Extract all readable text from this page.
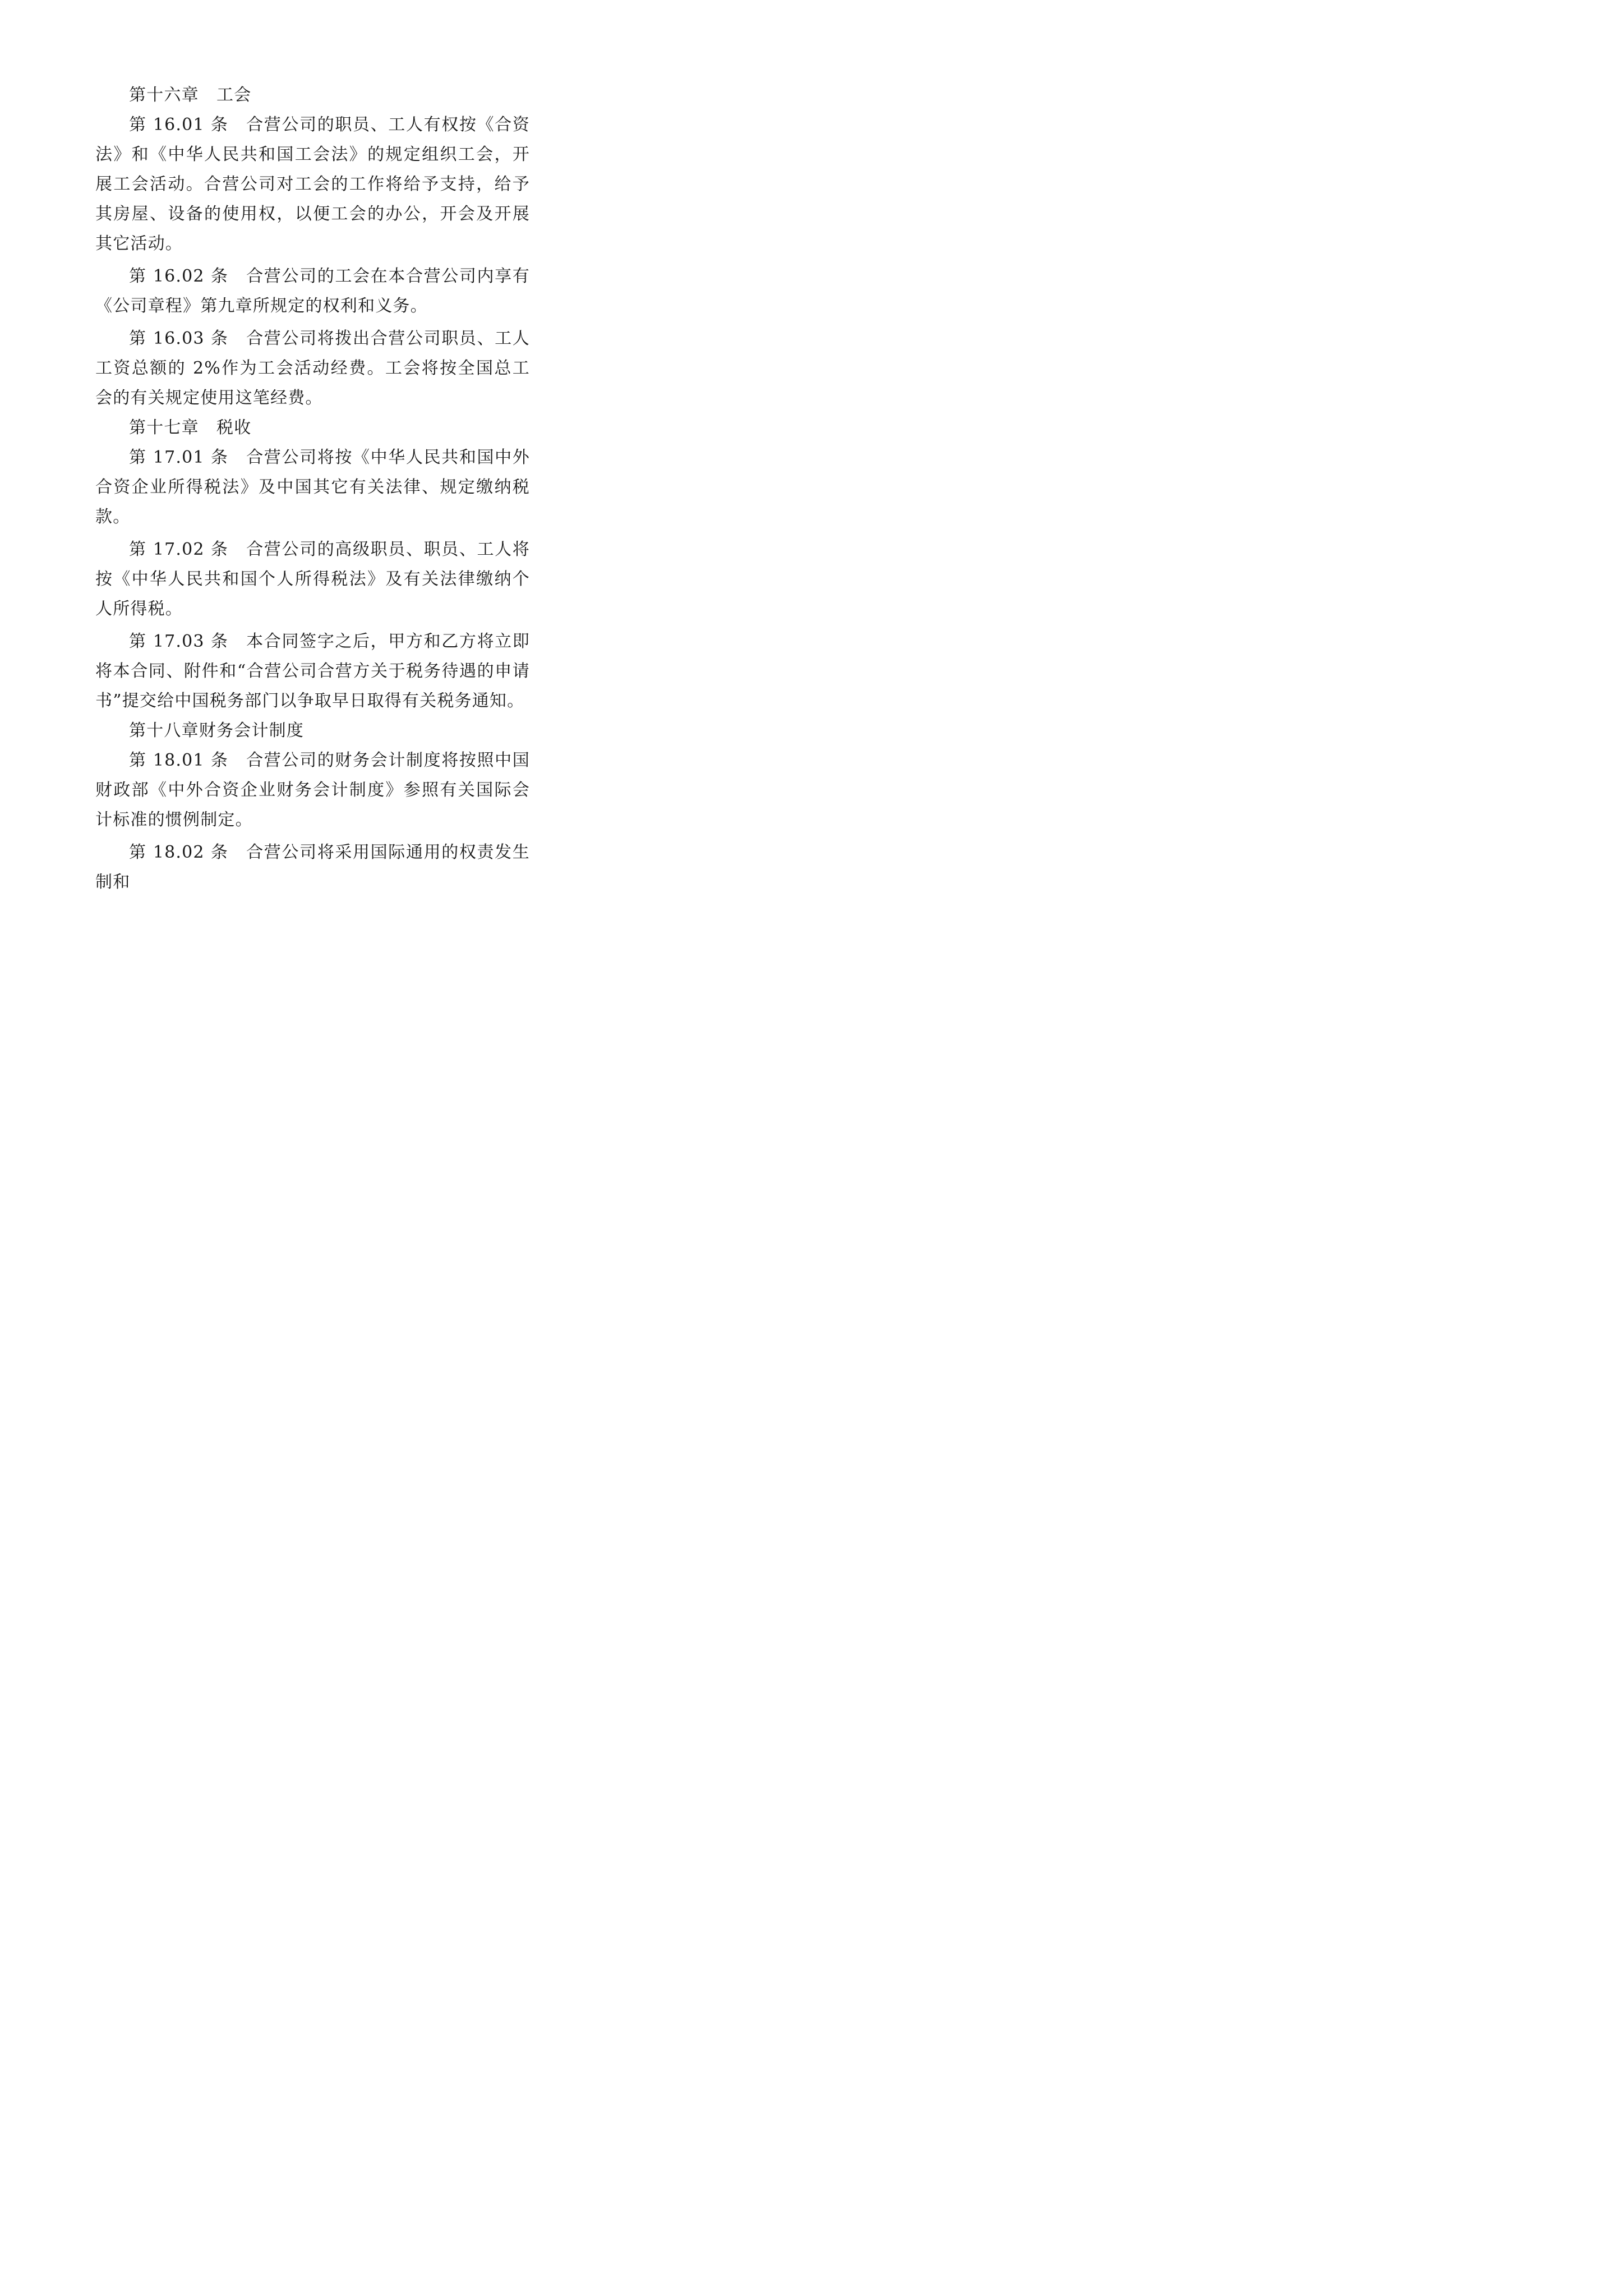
第十六章　工会

第 16.01 条　合营公司的职员、工人有权按《合资法》和《中华人民共和国工会法》的规定组织工会，开展工会活动。合营公司对工会的工作将给予支持，给予其房屋、设备的使用权，以便工会的办公，开会及开展其它活动。

第 16.02 条　合营公司的工会在本合营公司内享有《公司章程》第九章所规定的权利和义务。

第 16.03 条　合营公司将拨出合营公司职员、工人工资总额的 2%作为工会活动经费。工会将按全国总工会的有关规定使用这笔经费。

第十七章　税收

第 17.01 条　合营公司将按《中华人民共和国中外合资企业所得税法》及中国其它有关法律、规定缴纳税款。

第 17.02 条　合营公司的高级职员、职员、工人将按《中华人民共和国个人所得税法》及有关法律缴纳个人所得税。

第 17.03 条　本合同签字之后，甲方和乙方将立即将本合同、附件和“合营公司合营方关于税务待遇的申请书”提交给中国税务部门以争取早日取得有关税务通知。

第十八章财务会计制度

第 18.01 条　合营公司的财务会计制度将按照中国财政部《中外合资企业财务会计制度》参照有关国际会计标准的惯例制定。

第 18.02 条　合营公司将采用国际通用的权责发生制和
